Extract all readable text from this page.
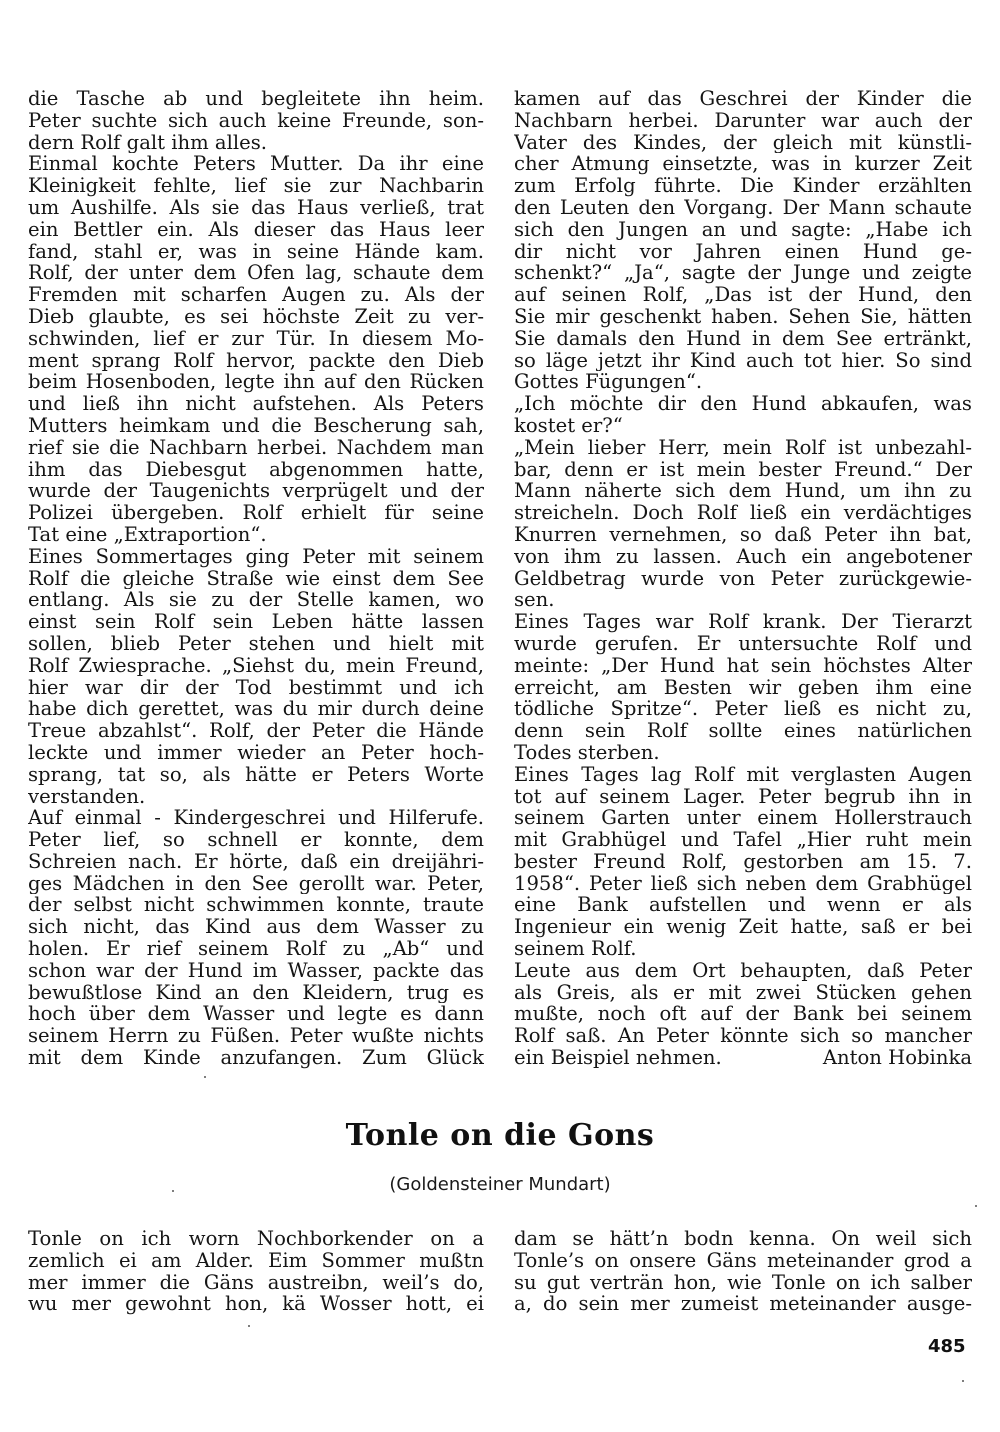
die Tasche ab und begleitete ihn heim.
Peter suchte sich auch keine Freunde, son-
dern Rolf galt ihm alles.
Einmal kochte Peters Mutter. Da ihr eine
Kleinigkeit fehlte, lief sie zur Nachbarin
um Aushilfe. Als sie das Haus verließ, trat
ein Bettler ein. Als dieser das Haus leer
fand, stahl er, was in seine Hände kam.
Rolf, der unter dem Ofen lag, schaute dem
Fremden mit scharfen Augen zu. Als der
Dieb glaubte, es sei höchste Zeit zu ver-
schwinden, lief er zur Tür. In diesem Mo-
ment sprang Rolf hervor, packte den Dieb
beim Hosenboden, legte ihn auf den Rücken
und ließ ihn nicht aufstehen. Als Peters
Mutters heimkam und die Bescherung sah,
rief sie die Nachbarn herbei. Nachdem man
ihm das Diebesgut abgenommen hatte,
wurde der Taugenichts verprügelt und der
Polizei übergeben. Rolf erhielt für seine
Tat eine „Extraportion“.
Eines Sommertages ging Peter mit seinem
Rolf die gleiche Straße wie einst dem See
entlang. Als sie zu der Stelle kamen, wo
einst sein Rolf sein Leben hätte lassen
sollen, blieb Peter stehen und hielt mit
Rolf Zwiesprache. „Siehst du, mein Freund,
hier war dir der Tod bestimmt und ich
habe dich gerettet, was du mir durch deine
Treue abzahlst“. Rolf, der Peter die Hände
leckte und immer wieder an Peter hoch-
sprang, tat so, als hätte er Peters Worte
verstanden.
Auf einmal - Kindergeschrei und Hilferufe.
Peter lief, so schnell er konnte, dem
Schreien nach. Er hörte, daß ein dreijähri-
ges Mädchen in den See gerollt war. Peter,
der selbst nicht schwimmen konnte, traute
sich nicht, das Kind aus dem Wasser zu
holen. Er rief seinem Rolf zu „Ab“ und
schon war der Hund im Wasser, packte das
bewußtlose Kind an den Kleidern, trug es
hoch über dem Wasser und legte es dann
seinem Herrn zu Füßen. Peter wußte nichts
mit dem Kinde anzufangen. Zum Glück
kamen auf das Geschrei der Kinder die
Nachbarn herbei. Darunter war auch der
Vater des Kindes, der gleich mit künstli-
cher Atmung einsetzte, was in kurzer Zeit
zum Erfolg führte. Die Kinder erzählten
den Leuten den Vorgang. Der Mann schaute
sich den Jungen an und sagte: „Habe ich
dir nicht vor Jahren einen Hund ge-
schenkt?“ „Ja“, sagte der Junge und zeigte
auf seinen Rolf, „Das ist der Hund, den
Sie mir geschenkt haben. Sehen Sie, hätten
Sie damals den Hund in dem See ertränkt,
so läge jetzt ihr Kind auch tot hier. So sind
Gottes Fügungen“.
„Ich möchte dir den Hund abkaufen, was
kostet er?“
„Mein lieber Herr, mein Rolf ist unbezahl-
bar, denn er ist mein bester Freund.“ Der
Mann näherte sich dem Hund, um ihn zu
streicheln. Doch Rolf ließ ein verdächtiges
Knurren vernehmen, so daß Peter ihn bat,
von ihm zu lassen. Auch ein angebotener
Geldbetrag wurde von Peter zurückgewie-
sen.
Eines Tages war Rolf krank. Der Tierarzt
wurde gerufen. Er untersuchte Rolf und
meinte: „Der Hund hat sein höchstes Alter
erreicht, am Besten wir geben ihm eine
tödliche Spritze“. Peter ließ es nicht zu,
denn sein Rolf sollte eines natürlichen
Todes sterben.
Eines Tages lag Rolf mit verglasten Augen
tot auf seinem Lager. Peter begrub ihn in
seinem Garten unter einem Hollerstrauch
mit Grabhügel und Tafel „Hier ruht mein
bester Freund Rolf, gestorben am 15. 7.
1958“. Peter ließ sich neben dem Grabhügel
eine Bank aufstellen und wenn er als
Ingenieur ein wenig Zeit hatte, saß er bei
seinem Rolf.
Leute aus dem Ort behaupten, daß Peter
als Greis, als er mit zwei Stücken gehen
mußte, noch oft auf der Bank bei seinem
Rolf saß. An Peter könnte sich so mancher
ein Beispiel nehmen.	Anton Hobinka
Tonle on die Gons
(Goldensteiner Mundart)
Tonle on ich worn Nochborkender on a
zemlich ei am Alder. Eim Sommer mußtn
mer immer die Gäns austreibn, weil’s do,
wu mer gewohnt hon, kä Wosser hott, ei
dam se hätt’n bodn kenna. On weil sich
Tonle’s on onsere Gäns meteinander grod a
su gut verträn hon, wie Tonle on ich salber
a, do sein mer zumeist meteinander ausge-
485
